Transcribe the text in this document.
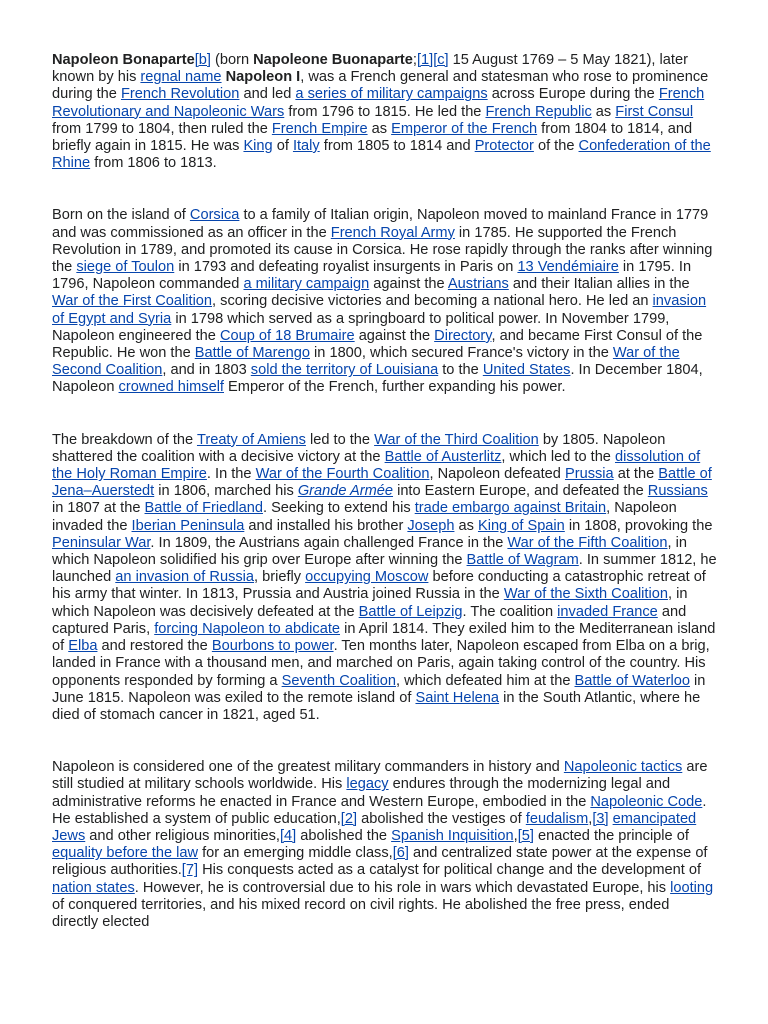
Napoleon Bonaparte[b] (born Napoleone Buonaparte;[1][c] 15 August 1769 – 5 May 1821), later known by his regnal name Napoleon I, was a French general and statesman who rose to prominence during the French Revolution and led a series of military campaigns across Europe during the French Revolutionary and Napoleonic Wars from 1796 to 1815. He led the French Republic as First Consul from 1799 to 1804, then ruled the French Empire as Emperor of the French from 1804 to 1814, and briefly again in 1815. He was King of Italy from 1805 to 1814 and Protector of the Confederation of the Rhine from 1806 to 1813.

Born on the island of Corsica to a family of Italian origin, Napoleon moved to mainland France in 1779 and was commissioned as an officer in the French Royal Army in 1785. He supported the French Revolution in 1789, and promoted its cause in Corsica. He rose rapidly through the ranks after winning the siege of Toulon in 1793 and defeating royalist insurgents in Paris on 13 Vendémiaire in 1795. In 1796, Napoleon commanded a military campaign against the Austrians and their Italian allies in the War of the First Coalition, scoring decisive victories and becoming a national hero. He led an invasion of Egypt and Syria in 1798 which served as a springboard to political power. In November 1799, Napoleon engineered the Coup of 18 Brumaire against the Directory, and became First Consul of the Republic. He won the Battle of Marengo in 1800, which secured France's victory in the War of the Second Coalition, and in 1803 sold the territory of Louisiana to the United States. In December 1804, Napoleon crowned himself Emperor of the French, further expanding his power.

The breakdown of the Treaty of Amiens led to the War of the Third Coalition by 1805. Napoleon shattered the coalition with a decisive victory at the Battle of Austerlitz, which led to the dissolution of the Holy Roman Empire. In the War of the Fourth Coalition, Napoleon defeated Prussia at the Battle of Jena–Auerstedt in 1806, marched his Grande Armée into Eastern Europe, and defeated the Russians in 1807 at the Battle of Friedland. Seeking to extend his trade embargo against Britain, Napoleon invaded the Iberian Peninsula and installed his brother Joseph as King of Spain in 1808, provoking the Peninsular War. In 1809, the Austrians again challenged France in the War of the Fifth Coalition, in which Napoleon solidified his grip over Europe after winning the Battle of Wagram. In summer 1812, he launched an invasion of Russia, briefly occupying Moscow before conducting a catastrophic retreat of his army that winter. In 1813, Prussia and Austria joined Russia in the War of the Sixth Coalition, in which Napoleon was decisively defeated at the Battle of Leipzig. The coalition invaded France and captured Paris, forcing Napoleon to abdicate in April 1814. They exiled him to the Mediterranean island of Elba and restored the Bourbons to power. Ten months later, Napoleon escaped from Elba on a brig, landed in France with a thousand men, and marched on Paris, again taking control of the country. His opponents responded by forming a Seventh Coalition, which defeated him at the Battle of Waterloo in June 1815. Napoleon was exiled to the remote island of Saint Helena in the South Atlantic, where he died of stomach cancer in 1821, aged 51.

Napoleon is considered one of the greatest military commanders in history and Napoleonic tactics are still studied at military schools worldwide. His legacy endures through the modernizing legal and administrative reforms he enacted in France and Western Europe, embodied in the Napoleonic Code. He established a system of public education,[2] abolished the vestiges of feudalism,[3] emancipated Jews and other religious minorities,[4] abolished the Spanish Inquisition,[5] enacted the principle of equality before the law for an emerging middle class,[6] and centralized state power at the expense of religious authorities.[7] His conquests acted as a catalyst for political change and the development of nation states. However, he is controversial due to his role in wars which devastated Europe, his looting of conquered territories, and his mixed record on civil rights. He abolished the free press, ended directly elected
